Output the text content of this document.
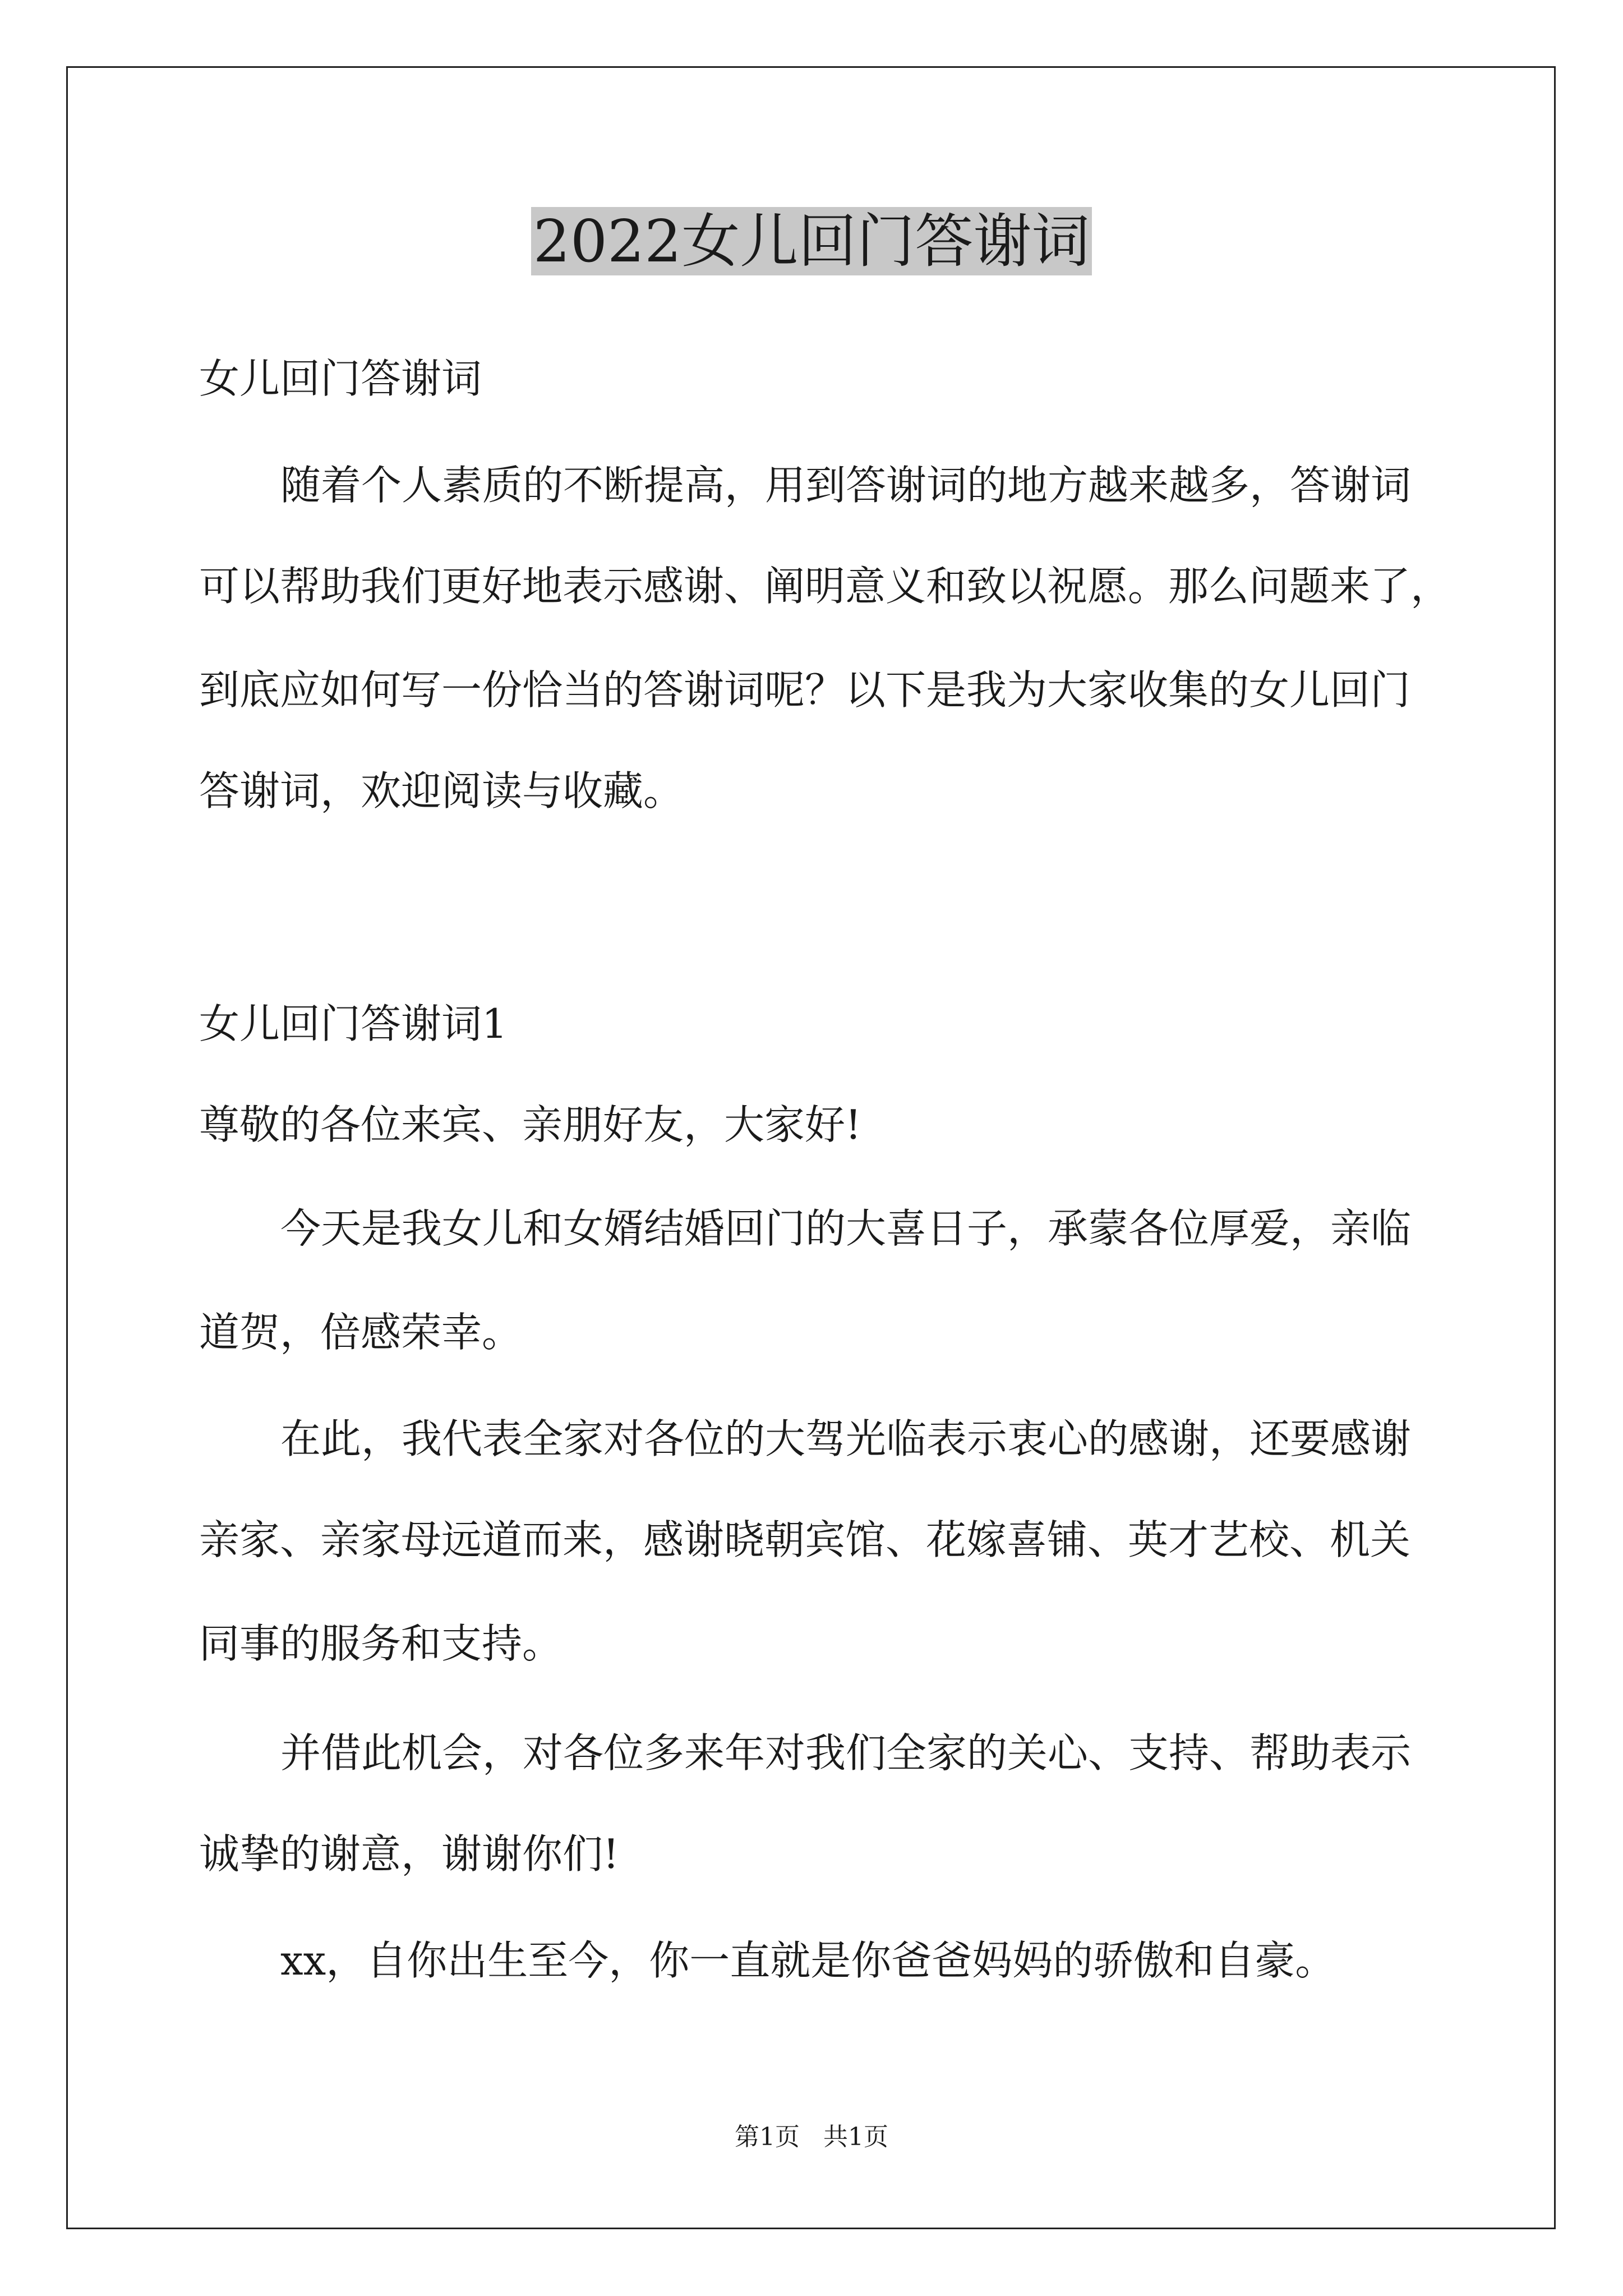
2022女儿回门答谢词

女儿回门答谢词

随着个人素质的不断提高，用到答谢词的地方越来越多，答谢词

可以帮助我们更好地表示感谢、阐明意义和致以祝愿。那么问题来了，

到底应如何写一份恰当的答谢词呢？以下是我为大家收集的女儿回门

答谢词，欢迎阅读与收藏。

女儿回门答谢词1

尊敬的各位来宾、亲朋好友，大家好!

今天是我女儿和女婿结婚回门的大喜日子，承蒙各位厚爱，亲临

道贺，倍感荣幸。

在此，我代表全家对各位的大驾光临表示衷心的感谢，还要感谢

亲家、亲家母远道而来，感谢晓朝宾馆、花嫁喜铺、英才艺校、机关

同事的服务和支持。

并借此机会，对各位多来年对我们全家的关心、支持、帮助表示

诚挚的谢意，谢谢你们!

xx，自你出生至今，你一直就是你爸爸妈妈的骄傲和自豪。

第1页   共1页
